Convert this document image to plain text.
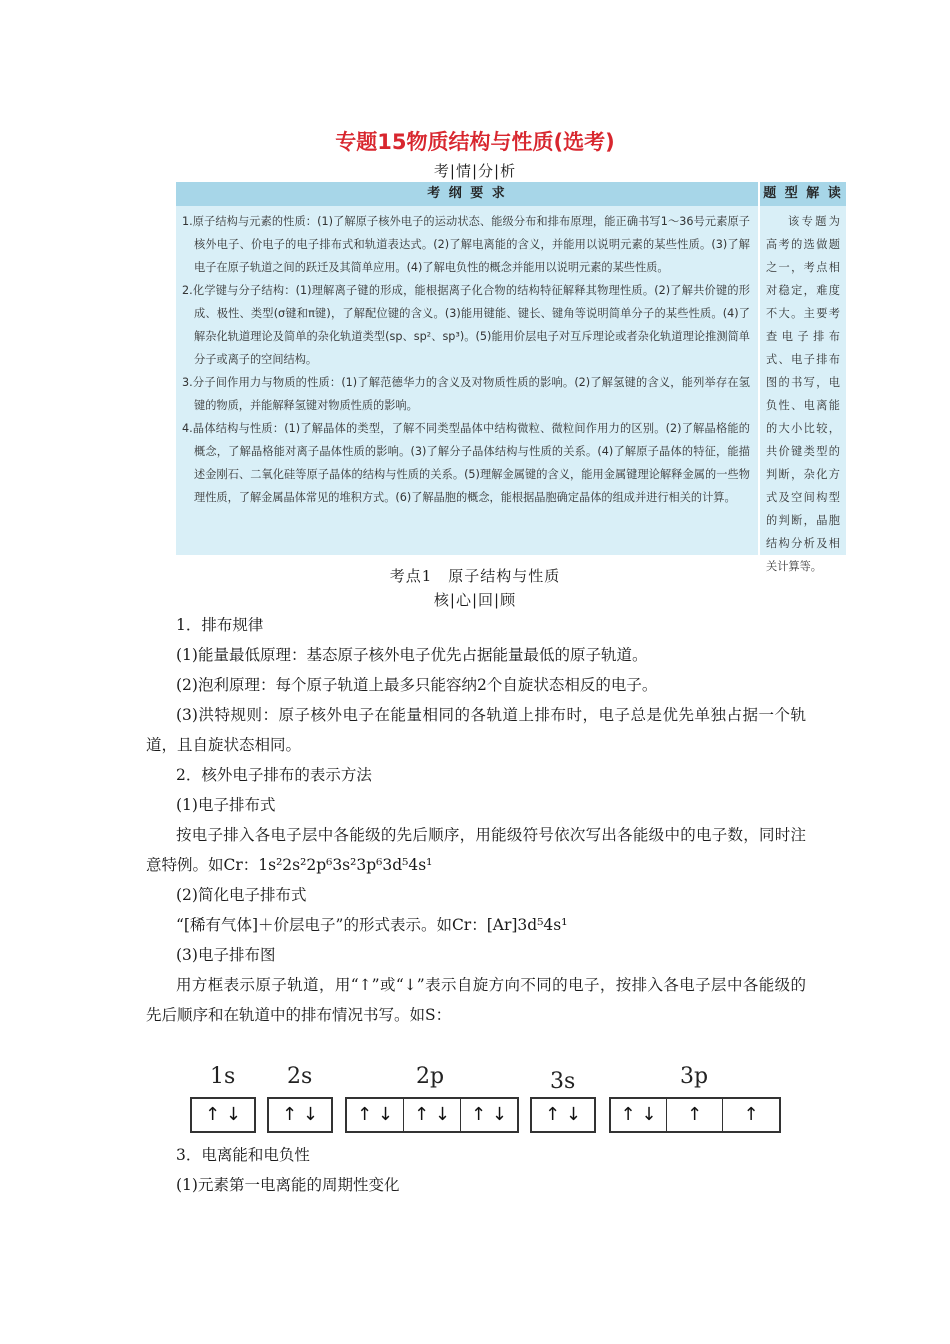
专题15物质结构与性质(选考)
考|情|分|析
考 纲 要 求	题 型 解 读

1.原子结构与元素的性质：(1)了解原子核外电子的运动状态、能级分布和排布原理，能正确书写1～36号元素原子核外电子、价电子的电子排布式和轨道表达式。(2)了解电离能的含义，并能用以说明元素的某些性质。(3)了解电子在原子轨道之间的跃迁及其简单应用。(4)了解电负性的概念并能用以说明元素的某些性质。

2.化学键与分子结构：(1)理解离子键的形成，能根据离子化合物的结构特征解释其物理性质。(2)了解共价键的形成、极性、类型(σ键和π键)，了解配位键的含义。(3)能用键能、键长、键角等说明简单分子的某些性质。(4)了解杂化轨道理论及简单的杂化轨道类型(sp、sp²、sp³)。(5)能用价层电子对互斥理论或者杂化轨道理论推测简单分子或离子的空间结构。

3.分子间作用力与物质的性质：(1)了解范德华力的含义及对物质性质的影响。(2)了解氢键的含义，能列举存在氢键的物质，并能解释氢键对物质性质的影响。

4.晶体结构与性质：(1)了解晶体的类型，了解不同类型晶体中结构微粒、微粒间作用力的区别。(2)了解晶格能的概念，了解晶格能对离子晶体性质的影响。(3)了解分子晶体结构与性质的关系。(4)了解原子晶体的特征，能描述金刚石、二氧化硅等原子晶体的结构与性质的关系。(5)理解金属键的含义，能用金属键理论解释金属的一些物理性质，了解金属晶体常见的堆积方式。(6)了解晶胞的概念，能根据晶胞确定晶体的组成并进行相关的计算。

该专题为高考的选做题之一，考点相对稳定，难度不大。主要考查电子排布式、电子排布图的书写，电负性、电离能的大小比较，共价键类型的判断，杂化方式及空间构型的判断，晶胞结构分析及相关计算等。
考点1　原子结构与性质
核|心|回|顾

1．排布规律

(1)能量最低原理：基态原子核外电子优先占据能量最低的原子轨道。

(2)泡利原理：每个原子轨道上最多只能容纳2个自旋状态相反的电子。

(3)洪特规则：原子核外电子在能量相同的各轨道上排布时，电子总是优先单独占据一个轨道，且自旋状态相同。

2．核外电子排布的表示方法

(1)电子排布式

按电子排入各电子层中各能级的先后顺序，用能级符号依次写出各能级中的电子数，同时注意特例。如Cr：1s²2s²2p⁶3s²3p⁶3d⁵4s¹

(2)简化电子排布式

“[稀有气体]＋价层电子”的形式表示。如Cr：[Ar]3d⁵4s¹

(3)电子排布图

用方框表示原子轨道，用“↑”或“↓”表示自旋方向不同的电子，按排入各电子层中各能级的先后顺序和在轨道中的排布情况书写。如S：

1s
↑ ↓
2s
↑ ↓
2p
↑ ↓	↑ ↓	↑ ↓
3s
↑ ↓
3p
↑ ↓	↑	↑

3．电离能和电负性

(1)元素第一电离能的周期性变化
